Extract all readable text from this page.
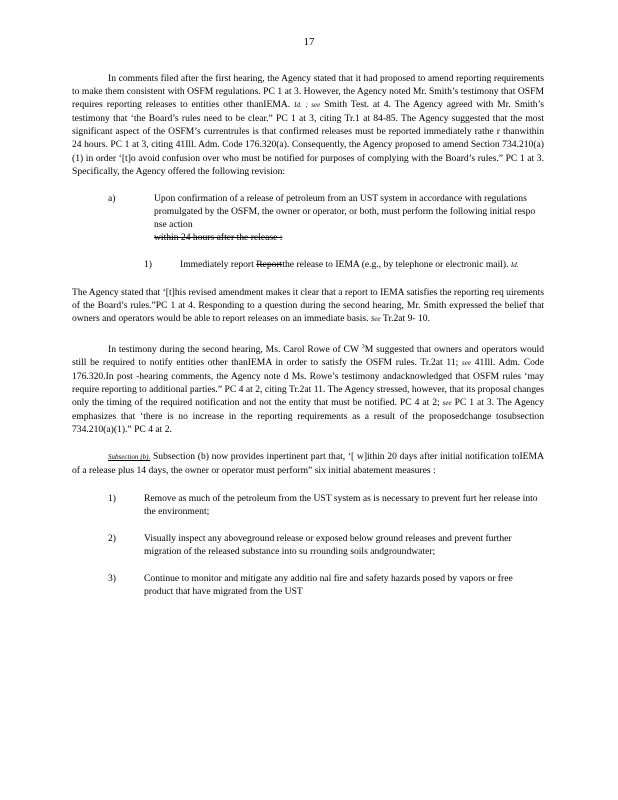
17

In comments filed after the first hearing, the Agency stated that it had proposed to amend reporting requirements to make them consistent with OSFM regulations. PC 1 at 3. However, the Agency noted Mr. Smith’s testimony that OSFM requires reporting releases to entities other thanIEMA. Id. ; see Smith Test. at 4. The Agency agreed with Mr. Smith’s testimony that ‘the Board’s rules need to be clear.” PC 1 at 3, citing Tr.1 at 84-85. The Agency suggested that the most significant aspect of the OSFM’s currentrules is that confirmed releases must be reported immediately rathe r thanwithin 24 hours. PC 1 at 3, citing 41Ill. Adm. Code 176.320(a). Consequently, the Agency proposed to amend Section 734.210(a)(1) in order ‘[t]o avoid confusion over who must be notified for purposes of complying with the Board’s rules.” PC 1 at 3. Specifically, the Agency offered the following revision:

a)	Upon confirmation of a release of petroleum from an UST system in accordance with regulations promulgated by the OSFM, the owner or operator, or both, must perform the following initial respo nse action
within 24 hours after the release :
1)	Immediately report Reportthe release to IEMA (e.g., by telephone or electronic mail). Id.

The Agency stated that ‘[t]his revised amendment makes it clear that a report to IEMA satisfies the reporting req uirements of the Board’s rules.”PC 1 at 4. Responding to a question during the second hearing, Mr. Smith expressed the belief that owners and operators would be able to report releases on an immediate basis. See Tr.2at 9- 10.

In testimony during the second hearing, Ms. Carol Rowe of CW $^3$M suggested that owners and operators would still be required to notify entities other thanIEMA in order to satisfy the OSFM rules. Tr.2at 11; see 41Ill. Adm. Code 176.320.In post -hearing comments, the Agency note d Ms. Rowe’s testimony andacknowledged that OSFM rules ‘may require reporting to additional parties.” PC 4 at 2, citing Tr.2at 11. The Agency stressed, however, that its proposal changes only the timing of the required notification and not the entity that must be notified. PC 4 at 2; see PC 1 at 3. The Agency emphasizes that ‘there is no increase in the reporting requirements as a result of the proposedchange tosubsection 734.210(a)(1).” PC 4 at 2.

Subsection (b). Subsection (b) now provides inpertinent part that, ‘[ w]ithin 20 days after initial notification toIEMA of a release plus 14 days, the owner or operator must perform” six initial abatement measures :

1)	Remove as much of the petroleum from the UST system as is necessary to prevent furt her release into the environment;
2)	Visually inspect any aboveground release or exposed below ground releases and prevent further migration of the released substance into su rrounding soils andgroundwater;
3)	Continue to monitor and mitigate any additio nal fire and safety hazards posed by vapors or free product that have migrated from the UST
